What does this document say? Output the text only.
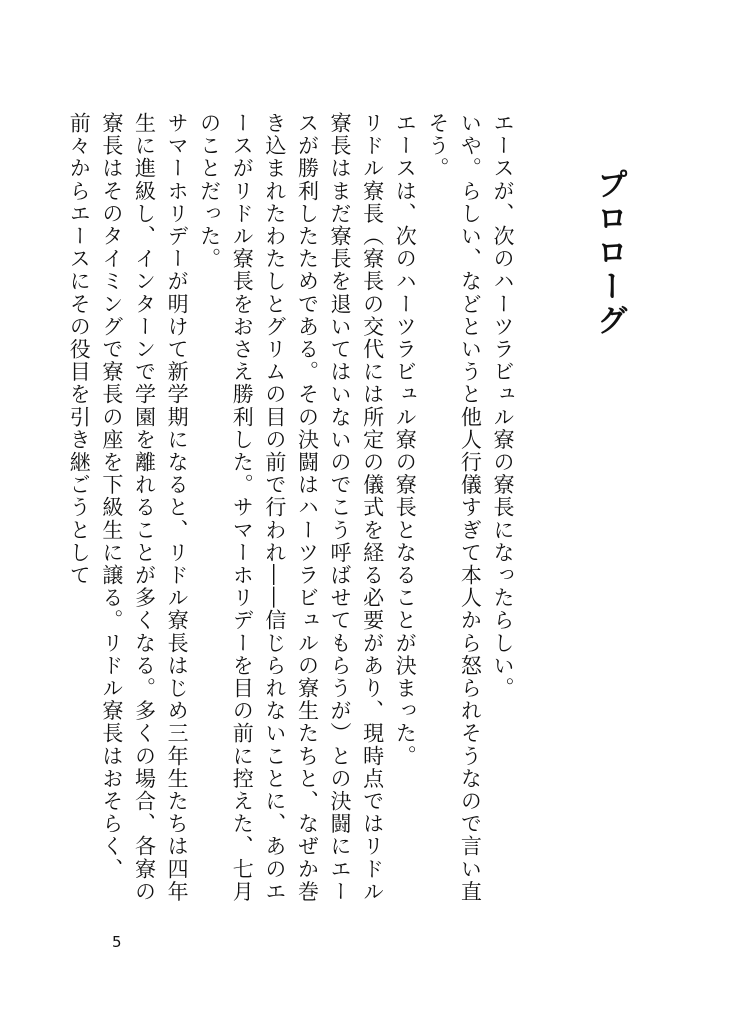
プロローグ

エースが、次のハーツラビュル寮の寮長になったらしい。

いや。らしい、などというと他人行儀すぎて本人から怒られそうなので言い直そう。

エースは、次のハーツラビュル寮の寮長となることが決まった。

リドル寮長（寮長の交代には所定の儀式を経る必要があり、現時点ではリドル寮長はまだ寮長を退いてはいないのでこう呼ばせてもらうが）との決闘にエースが勝利したためである。その決闘はハーツラビュルの寮生たちと、なぜか巻き込まれたわたしとグリムの目の前で行われ――信じられないことに、あのエースがリドル寮長をおさえ勝利した。サマーホリデーを目の前に控えた、七月のことだった。

サマーホリデーが明けて新学期になると、リドル寮長はじめ三年生たちは四年生に進級し、インターンで学園を離れることが多くなる。多くの場合、各寮の寮長はそのタイミングで寮長の座を下級生に譲る。リドル寮長はおそらく、前々からエースにその役目を引き継ごうとして

5
